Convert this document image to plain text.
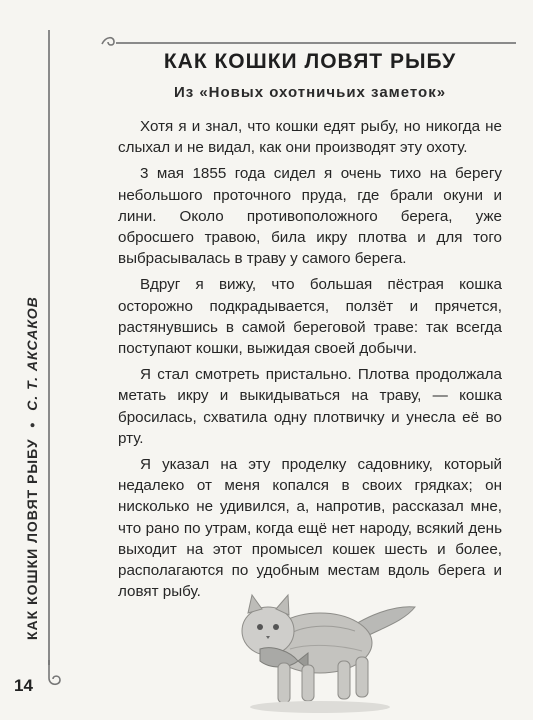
КАК КОШКИ ЛОВЯТ РЫБУ • С. Т. АКСАКОВ
14
КАК КОШКИ ЛОВЯТ РЫБУ
Из «Новых охотничьих заметок»

Хотя я и знал, что кошки едят рыбу, но никогда не слыхал и не видал, как они производят эту охоту.

3 мая 1855 года сидел я очень тихо на берегу небольшого проточного пруда, где брали окуни и лини. Около противоположного берега, уже обросшего травою, била икру плотва и для того выбрасывалась в траву у самого берега.

Вдруг я вижу, что большая пёстрая кошка осторожно подкрадывается, ползёт и прячется, растянувшись в самой береговой траве: так всегда поступают кошки, выжидая своей добычи.

Я стал смотреть пристально. Плотва продолжала метать икру и выкидываться на траву, — кошка бросилась, схватила одну плотвичку и унесла её во рту.

Я указал на эту проделку садовнику, который недалеко от меня копался в своих грядках; он нисколько не удивился, а, напротив, рассказал мне, что рано по утрам, когда ещё нет народу, всякий день выходит на этот промысел кошек шесть и более, располагаются по удобным местам вдоль берега и ловят рыбу.
